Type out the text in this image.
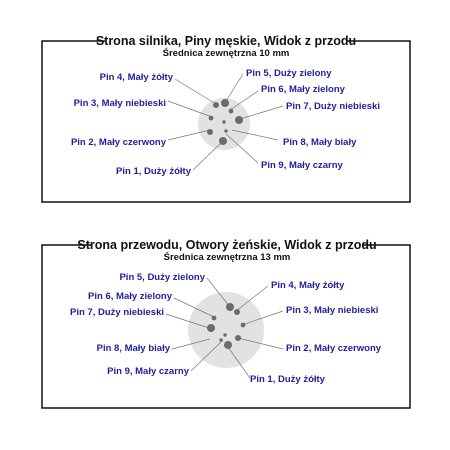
Strona silnika, Piny męskie, Widok z przodu
Średnica zewnętrzna 10 mm
Pin 4, Mały żółty	Pin 5, Duży zielony
Pin 6, Mały zielony
Pin 3, Mały niebieski	Pin 7, Duży niebieski
Pin 2, Mały czerwony	Pin 8, Mały biały
Pin 9, Mały czarny
Pin 1, Duży żółty
Strona przewodu, Otwory żeńskie, Widok z przodu
Średnica zewnętrzna 13 mm
Pin 5, Duży zielony
Pin 4, Mały żółty
Pin 6, Mały zielony
Pin 3, Mały niebieski
Pin 7, Duży niebieski
Pin 8, Mały biały	Pin 2, Mały czerwony
Pin 9, Mały czarny
Pin 1, Duży żółty
